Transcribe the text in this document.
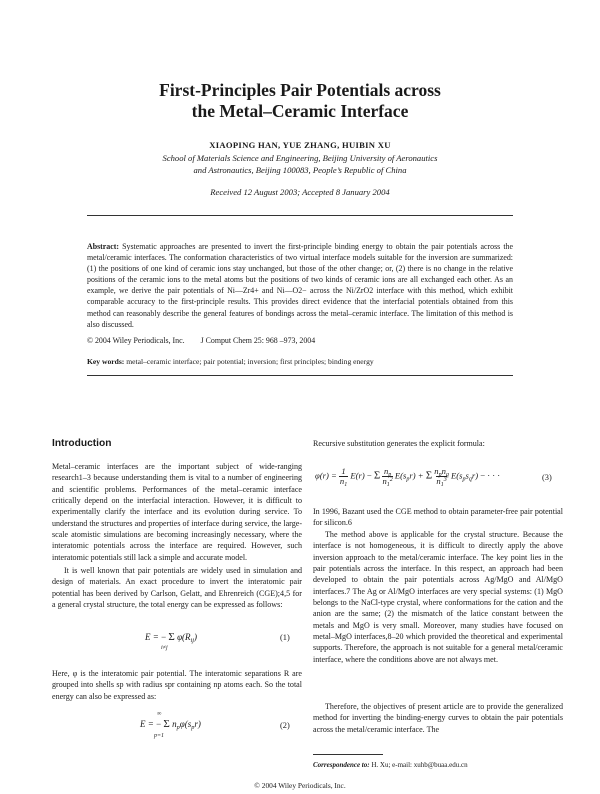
First-Principles Pair Potentials across
the Metal–Ceramic Interface
XIAOPING HAN, YUE ZHANG, HUIBIN XU
School of Materials Science and Engineering, Beijing University of Aeronautics
and Astronautics, Beijing 100083, People’s Republic of China
Received 12 August 2003; Accepted 8 January 2004
Abstract: Systematic approaches are presented to invert the first-principle binding energy to obtain the pair potentials across the metal/ceramic interfaces. The conformation characteristics of two virtual interface models suitable for the inversion are summarized: (1) the positions of one kind of ceramic ions stay unchanged, but those of the other change; or, (2) there is no change in the relative positions of the ceramic ions to the metal atoms but the positions of two kinds of ceramic ions are all exchanged each other. As an example, we derive the pair potentials of Ni—Zr4+ and Ni—O2− across the Ni/ZrO2 interface with this method, which exhibit comparable accuracy to the first-principle results. This provides direct evidence that the interfacial potentials obtained from this method can reasonably describe the general features of bondings across the metal–ceramic interface. The limitation of this method is also discussed.
© 2004 Wiley Periodicals, Inc. J Comput Chem 25: 968 –973, 2004
Key words: metal–ceramic interface; pair potential; inversion; first principles; binding energy
Introduction

Metal–ceramic interfaces are the important subject of wide-ranging research1–3 because understanding them is vital to a number of engineering and scientific problems. Performances of the metal–ceramic interface critically depend on the interfacial interaction. However, it is difficult to experimentally clarify the interface and its evolution during service. To understand the structures and properties of interface during service, the large-scale atomistic simulations are becoming increasingly necessary, where the interatomic potentials across the interface are required. However, such interatomic potentials still lack a simple and accurate model.

It is well known that pair potentials are widely used in simulation and design of materials. An exact procedure to invert the interatomic pair potential has been derived by Carlson, Gelatt, and Ehrenreich (CGE);4,5 for a general crystal structure, the total energy can be expressed as follows:

E = − Σ $\varphi(R_{ij})$
i≠j
(1)

Here, φ is the interatomic pair potential. The interatomic separations R are grouped into shells sp with radius spr containing np atoms each. So the total energy can also be expressed as:

E = − Σ $n_p\varphi(s_pr)$
∞
p=1
(2)

Recursive substitution generates the explicit formula:

φ(r) = 1
$n_1$ E(r) − Σ $n_p$
$n_1^2$ $E(s_pr) + \Sigma$ $n_pn_q$
$n_1^3$ $E(s_ps_qr)$ − · · ·	(3)

In 1996, Bazant used the CGE method to obtain parameter-free pair potential for silicon.6

The method above is applicable for the crystal structure. Because the interface is not homogeneous, it is difficult to directly apply the above inversion approach to the metal/ceramic interface. The key point lies in the pair potentials across the interface. In this respect, an approach had been developed to obtain the pair potentials across Ag/MgO and Al/MgO interfaces.7 The Ag or Al/MgO interfaces are very special systems: (1) MgO belongs to the NaCl-type crystal, where conformations for the cation and the anion are the same; (2) the mismatch of the latice constant between the metals and MgO is very small. Moreover, many studies have focused on metal–MgO interfaces,8–20 which provided the theoretical and experimental supports. Therefore, the approach is not suitable for a general metal/ceramic interface, where the conditions above are not always met.

Therefore, the objectives of present article are to provide the generalized method for inverting the binding-energy curves to obtain the pair potentials across the metal/ceramic interface. The

Correspondence to: H. Xu; e-mail: xuhb@buaa.edu.cn
© 2004 Wiley Periodicals, Inc.
